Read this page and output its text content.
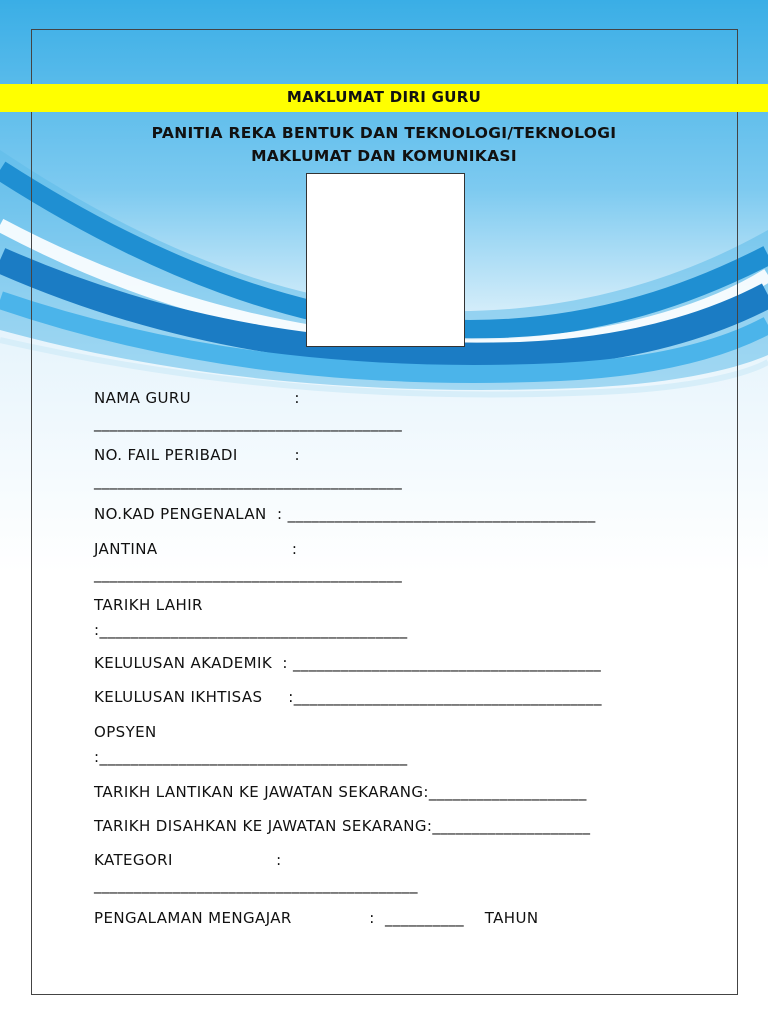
MAKLUMAT DIRI GURU
PANITIA REKA BENTUK DAN TEKNOLOGI/TEKNOLOGI
MAKLUMAT DAN KOMUNIKASI
NAMA GURU                    :
_______________________________________
NO. FAIL PERIBADI           :
_______________________________________
NO.KAD PENGENALAN  : _______________________________________
JANTINA                          :
_______________________________________
TARIKH LAHIR
:_______________________________________
KELULUSAN AKADEMIK  : _______________________________________
KELULUSAN IKHTISAS     :_______________________________________
OPSYEN
:_______________________________________
TARIKH LANTIKAN KE JAWATAN SEKARANG:____________________
TARIKH DISAHKAN KE JAWATAN SEKARANG:____________________
KATEGORI                    :
_________________________________________
PENGALAMAN MENGAJAR               :  __________    TAHUN
